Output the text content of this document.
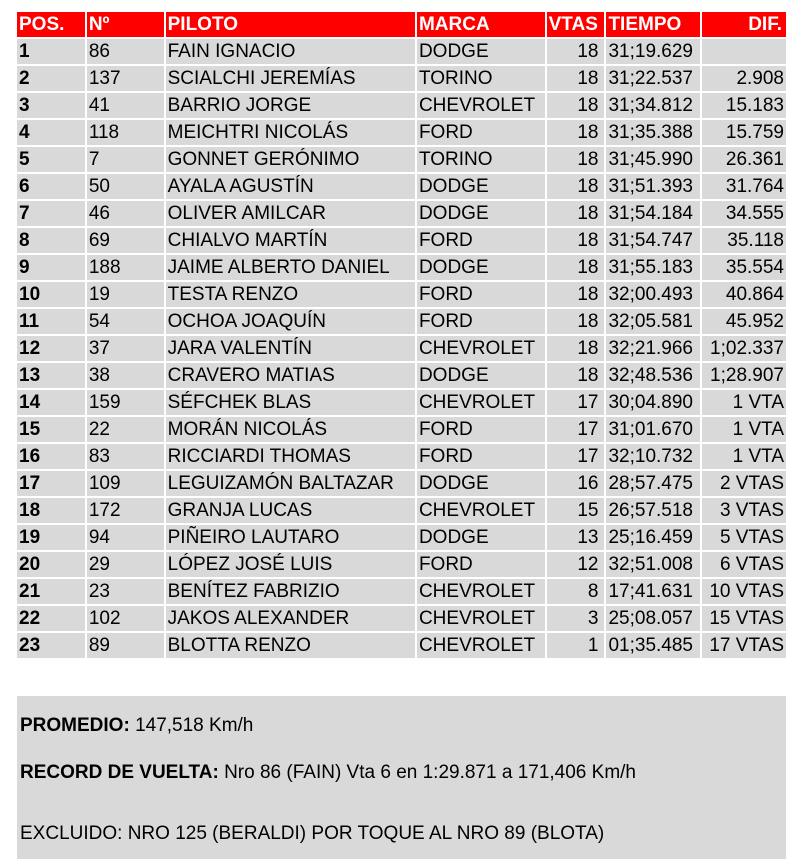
POS.	Nº	PILOTO	MARCA	VTAS TIEMPO	DIF.
1	86	FAIN IGNACIO	DODGE	18 31;19.629
2	137	SCIALCHI JEREMÍAS	TORINO	18 31;22.537	2.908
3	41	BARRIO JORGE	CHEVROLET	18 31;34.812	15.183
4	118	MEICHTRI NICOLÁS	FORD	18 31;35.388	15.759
5	7	GONNET GERÓNIMO	TORINO	18 31;45.990	26.361
6	50	AYALA AGUSTÍN	DODGE	18 31;51.393	31.764
7	46	OLIVER AMILCAR	DODGE	18 31;54.184	34.555
8	69	CHIALVO MARTÍN	FORD	18 31;54.747	35.118
9	188	JAIME ALBERTO DANIEL	DODGE	18 31;55.183	35.554
10	19	TESTA RENZO	FORD	18 32;00.493	40.864
11	54	OCHOA JOAQUÍN	FORD	18 32;05.581	45.952
12	37	JARA VALENTÍN	CHEVROLET	18 32;21.966 1;02.337
13	38	CRAVERO MATIAS	DODGE	18 32;48.536 1;28.907
14	159	SÉFCHEK BLAS	CHEVROLET	17 30;04.890	1 VTA
15	22	MORÁN NICOLÁS	FORD	17 31;01.670	1 VTA
16	83	RICCIARDI THOMAS	FORD	17 32;10.732	1 VTA
17	109	LEGUIZAMÓN BALTAZAR	DODGE	16 28;57.475	2 VTAS
18	172	GRANJA LUCAS	CHEVROLET	15 26;57.518	3 VTAS
19	94	PIÑEIRO LAUTARO	DODGE	13 25;16.459	5 VTAS
20	29	LÓPEZ JOSÉ LUIS	FORD	12 32;51.008	6 VTAS
21	23	BENÍTEZ FABRIZIO	CHEVROLET	8 17;41.631 10 VTAS
22	102	JAKOS ALEXANDER	CHEVROLET	3 25;08.057 15 VTAS
23	89	BLOTTA RENZO	CHEVROLET	1 01;35.485 17 VTAS
PROMEDIO: 147,518 Km/h
RECORD DE VUELTA: Nro 86 (FAIN) Vta 6 en 1:29.871 a 171,406 Km/h
EXCLUIDO: NRO 125 (BERALDI) POR TOQUE AL NRO 89 (BLOTA)
